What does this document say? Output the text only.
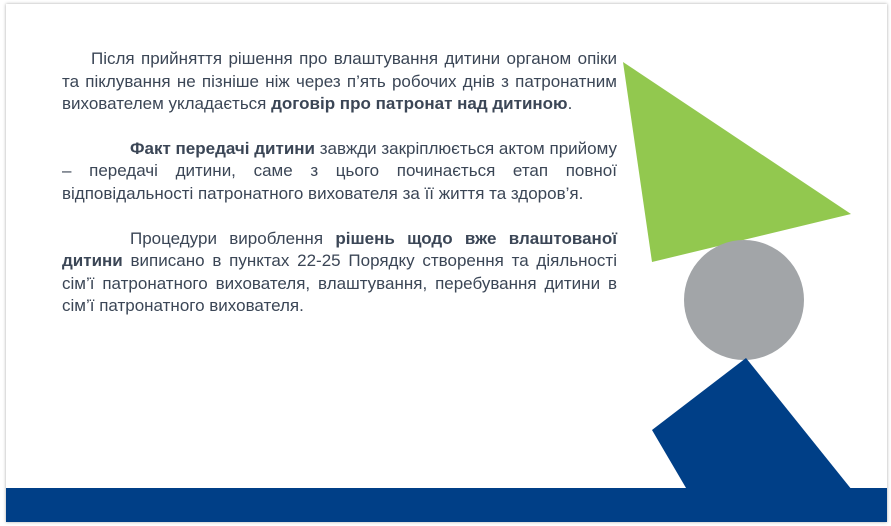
Після прийняття рішення про влаштування дитини органом опіки та піклування не пізніше ніж через п’ять робочих днів з патронатним вихователем укладається договір про патронат над дитиною.

Факт передачі дитини завжди закріплюється актом прийому – передачі дитини, саме з цього починається етап повної відповідальності патронатного вихователя за її життя та здоров’я.

Процедури вироблення рішень щодо вже влаштованої дитини виписано в пунктах 22-25 Порядку створення та діяльності сім’ї патронатного вихователя, влаштування, перебування дитини в сім’ї патронатного вихователя.
